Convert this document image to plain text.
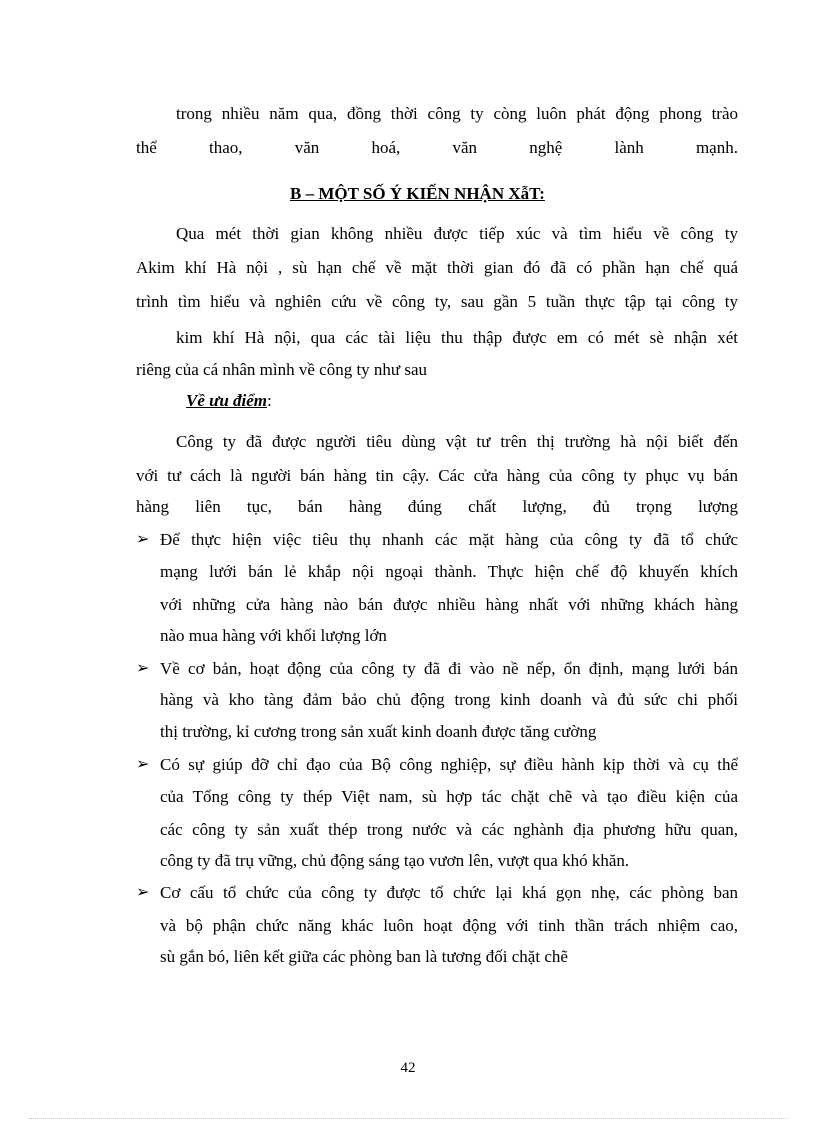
trong nhiều năm qua, đồng thời công ty còng luôn phát động phong trào
thể	thao,	văn	hoá,	văn	nghệ	lành	mạnh.
B – MỘT SỐ Ý KIẾN NHẬN XẫT:
Qua mét thời gian không nhiều được tiếp xúc và tìm hiểu về công ty
Akim khí Hà nội , sù hạn chế về mặt thời gian đó đã có phần hạn chế quá
trình tìm hiểu và nghiên cứu về công ty, sau gần 5 tuần thực tập tại công ty
kim khí Hà nội, qua các tài liệu thu thập được em có mét sè nhận xét
riêng của cá nhân mình về công ty như sau
Về ưu điểm:
Công ty đã được người tiêu dùng vật tư trên thị trường hà nội biết đến
với tư cách là người bán hàng tin cậy. Các cửa hàng của công ty phục vụ bán
hàng liên tục, bán hàng đúng chất lượng, đủ trọng lượng
➢ Để thực hiện việc tiêu thụ nhanh các mặt hàng của công ty đã tổ chức
mạng lưới bán lẻ khắp nội ngoại thành. Thực hiện chế độ khuyến khích
với những cửa hàng nào bán được nhiều hàng nhất với những khách hàng
nào mua hàng với khối lượng lớn
➢ Về cơ bản, hoạt động của công ty đã đi vào nề nếp, ổn định, mạng lưới bán
hàng và kho tàng đảm bảo chủ động trong kinh doanh và đủ sức chi phối
thị trường, kỉ cương trong sản xuất kinh doanh được tăng cường
➢ Có sự giúp đỡ chỉ đạo của Bộ công nghiệp, sự điều hành kịp thời và cụ thể
của Tổng công ty thép Việt nam, sù hợp tác chặt chẽ và tạo điều kiện của
các công ty sản xuất thép trong nước và các nghành địa phương hữu quan,
công ty đã trụ vững, chủ động sáng tạo vươn lên, vượt qua khó khăn.
➢ Cơ cấu tổ chức của công ty được tổ chức lại khá gọn nhẹ, các phòng ban
và bộ phận chức năng khác luôn hoạt động với tinh thần trách nhiệm cao,
sù gắn bó, liên kết giữa các phòng ban là tương đối chặt chẽ
42
